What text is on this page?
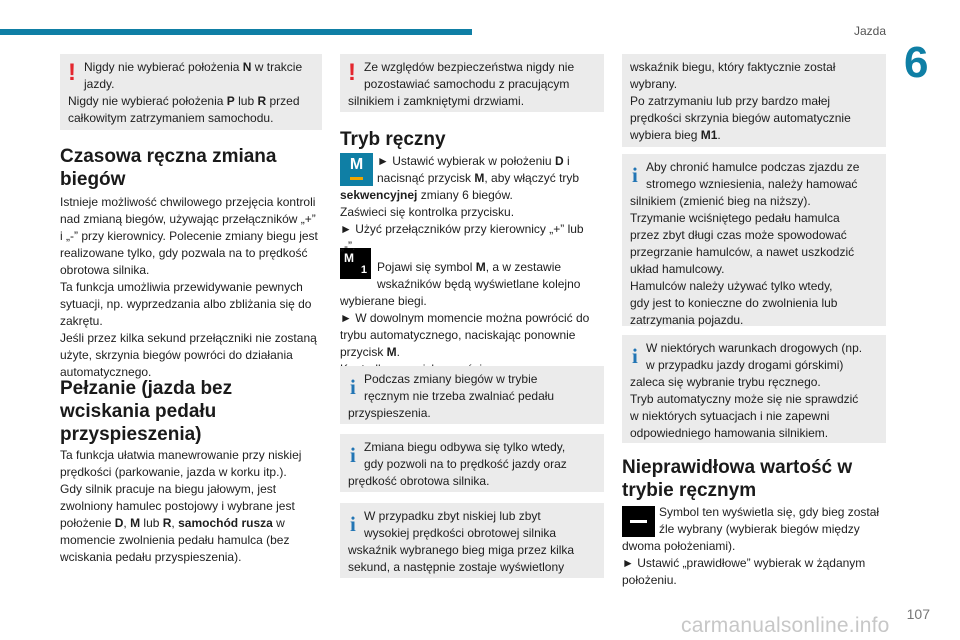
Jazda
6
! Nigdy nie wybierać położenia N w trakcie
jazdy.
Nigdy nie wybierać położenia P lub R przed
całkowitym zatrzymaniem samochodu.
Czasowa ręczna zmiana
biegów
Istnieje możliwość chwilowego przejęcia kontroli
nad zmianą biegów, używając przełączników „+”
i „-” przy kierownicy. Polecenie zmiany biegu jest
realizowane tylko, gdy pozwala na to prędkość
obrotowa silnika.
Ta funkcja umożliwia przewidywanie pewnych
sytuacji, np. wyprzedzania albo zbliżania się do
zakrętu.
Jeśli przez kilka sekund przełączniki nie zostaną
użyte, skrzynia biegów powróci do działania
automatycznego.
Pełzanie (jazda bez
wciskania pedału
przyspieszenia)
Ta funkcja ułatwia manewrowanie przy niskiej
prędkości (parkowanie, jazda w korku itp.).
Gdy silnik pracuje na biegu jałowym, jest
zwolniony hamulec postojowy i wybrane jest
położenie D, M lub R, samochód rusza w
momencie zwolnienia pedału hamulca (bez
wciskania pedału przyspieszenia).
! Ze względów bezpieczeństwa nigdy nie
pozostawiać samochodu z pracującym
silnikiem i zamkniętymi drzwiami.
Tryb ręczny
M
M
1
► Ustawić wybierak w położeniu D i
nacisnąć przycisk M, aby włączyć tryb
sekwencyjnej zmiany 6 biegów.
Zaświeci się kontrolka przycisku.
► Użyć przełączników przy kierownicy „+” lub
„-”.
Pojawi się symbol M, a w zestawie
wskaźników będą wyświetlane kolejno
wybierane biegi.
► W dowolnym momencie można powrócić do
trybu automatycznego, naciskając ponownie
przycisk M.
i Podczas zmiany biegów w trybie
ręcznym nie trzeba zwalniać pedału
przyspieszenia.
i Zmiana biegu odbywa się tylko wtedy,
gdy pozwoli na to prędkość jazdy oraz
prędkość obrotowa silnika.
i W przypadku zbyt niskiej lub zbyt
wysokiej prędkości obrotowej silnika
wskaźnik wybranego bieg miga przez kilka
sekund, a następnie zostaje wyświetlony
wskaźnik biegu, który faktycznie został
wybrany.
Po zatrzymaniu lub przy bardzo małej
prędkości skrzynia biegów automatycznie
wybiera bieg M1.
i Aby chronić hamulce podczas zjazdu ze
stromego wzniesienia, należy hamować
silnikiem (zmienić bieg na niższy).
Trzymanie wciśniętego pedału hamulca
przez zbyt długi czas może spowodować
przegrzanie hamulców, a nawet uszkodzić
układ hamulcowy.
Hamulców należy używać tylko wtedy,
gdy jest to konieczne do zwolnienia lub
zatrzymania pojazdu.
i W niektórych warunkach drogowych (np.
w przypadku jazdy drogami górskimi)
zaleca się wybranie trybu ręcznego.
Tryb automatyczny może się nie sprawdzić
w niektórych sytuacjach i nie zapewni
odpowiedniego hamowania silnikiem.
Nieprawidłowa wartość w
trybie ręcznym
Symbol ten wyświetla się, gdy bieg został
źle wybrany (wybierak biegów między
dwoma położeniami).
► Ustawić „prawidłowe” wybierak w żądanym
położeniu.
107
carmanualsonline.info
